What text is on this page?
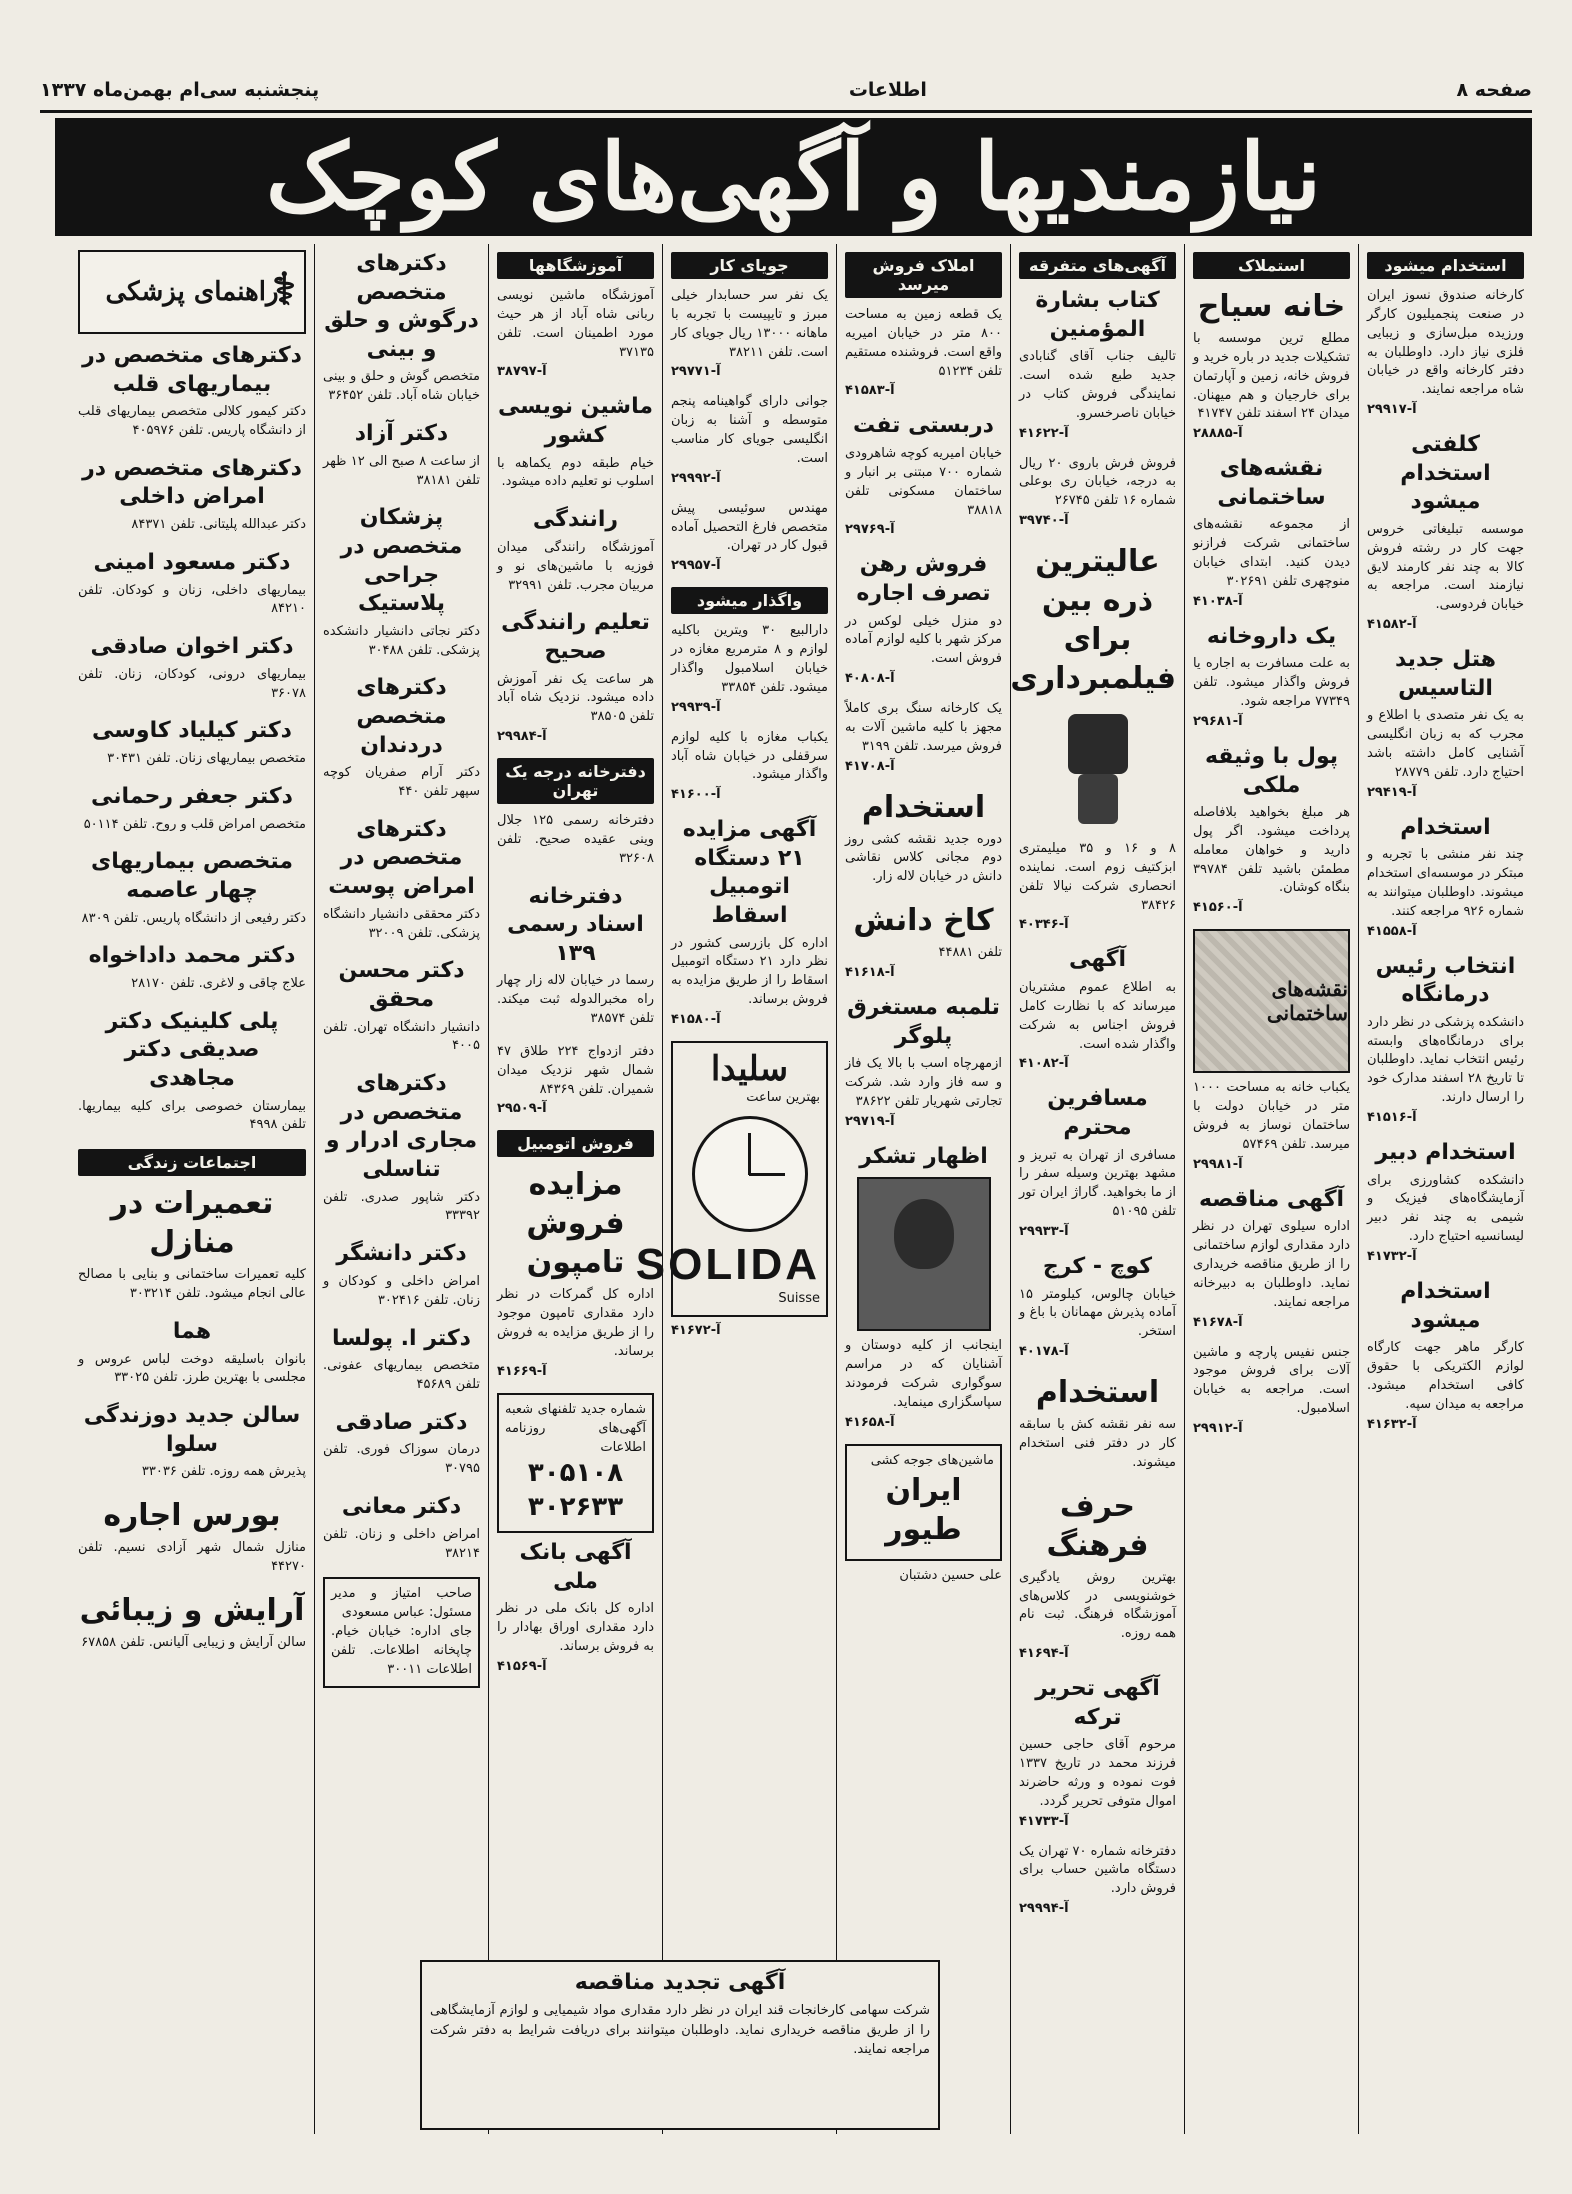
صفحه ۸
اطلاعات
پنجشنبه سی‌ام بهمن‌ماه ۱۳۳۷
نیازمندیها و آگهی‌های کوچک
استخدام میشود
کارخانه صندوق نسوز ایران در صنعت پنجمیلیون کارگر ورزیده مبل‌سازی و زیبایی فلزی نیاز دارد. داوطلبان به دفتر کارخانه واقع در خیابان شاه مراجعه نمایند.
آ-۲۹۹۱۷
کلفتی استخدام میشود
موسسه تبلیغاتی خروس جهت کار در رشته فروش کالا به چند نفر کارمند لایق نیازمند است. مراجعه به خیابان فردوسی.
آ-۴۱۵۸۲
هتل جدید التاسیس
به یک نفر متصدی با اطلاع و مجرب که به زبان انگلیسی آشنایی کامل داشته باشد احتیاج دارد. تلفن ۲۸۷۷۹
آ-۲۹۴۱۹
استخدام
چند نفر منشی با تجربه و مبتکر در موسسه‌ای استخدام میشوند. داوطلبان میتوانند به شماره ۹۲۶ مراجعه کنند.
آ-۴۱۵۵۸
انتخاب رئیس درمانگاه
دانشکده پزشکی در نظر دارد برای درمانگاه‌های وابسته رئیس انتخاب نماید. داوطلبان تا تاریخ ۲۸ اسفند مدارک خود را ارسال دارند.
آ-۴۱۵۱۶
استخدام دبیر
دانشکده کشاورزی برای آزمایشگاه‌های فیزیک و شیمی به چند نفر دبیر لیسانسیه احتیاج دارد.
آ-۴۱۷۳۲
استخدام میشود
کارگر ماهر جهت کارگاه لوازم الکتریکی با حقوق کافی استخدام میشود. مراجعه به میدان سپه.
آ-۴۱۶۳۲
استملاک
خانه سیاح
مطلع ترین موسسه با تشکیلات جدید در باره خرید و فروش خانه، زمین و آپارتمان برای خارجیان و هم میهنان. میدان ۲۴ اسفند تلفن ۴۱۷۴۷
آ-۲۸۸۸۵
نقشه‌های ساختمانی
از مجموعه نقشه‌های ساختمانی شرکت فرازنو دیدن کنید. ابتدای خیابان منوچهری تلفن ۳۰۲۶۹۱
آ-۴۱۰۳۸
یک داروخانه
به علت مسافرت به اجاره یا فروش واگذار میشود. تلفن ۷۷۳۴۹ مراجعه شود.
آ-۲۹۶۸۱
پول با وثیقه ملکی
هر مبلغ بخواهید بلافاصله پرداخت میشود. اگر پول دارید و خواهان معامله مطمئن باشید تلفن ۳۹۷۸۴ بنگاه کوشان.
آ-۴۱۵۶۰
نقشه‌های ساختمانی
یکباب خانه به مساحت ۱۰۰۰ متر در خیابان دولت با ساختمان نوساز به فروش میرسد. تلفن ۵۷۴۶۹
آ-۲۹۹۸۱
آگهی مناقصه
اداره سیلوی تهران در نظر دارد مقداری لوازم ساختمانی را از طریق مناقصه خریداری نماید. داوطلبان به دبیرخانه مراجعه نمایند.
آ-۴۱۶۷۸
جنس نفیس پارچه و ماشین آلات برای فروش موجود است. مراجعه به خیابان اسلامبول.
آ-۲۹۹۱۲
آگهی‌های متفرقه
کتاب بشارة المؤمنین
تالیف جناب آقای گنابادی جدید طبع شده است. نمایندگی فروش کتاب در خیابان ناصرخسرو.
آ-۴۱۶۲۲
فروش فرش باروی ۲۰ ریال به درجه، خیابان ری بوعلی شماره ۱۶ تلفن ۲۶۷۴۵
آ-۳۹۷۴۰
عالیترین ذره بین برای فیلمبرداری
۸ و ۱۶ و ۳۵ میلیمتری ابزکتیف زوم است. نماینده انحصاری شرکت نیالا تلفن ۳۸۴۲۶
آ-۴۰۳۴۶
آگهی
به اطلاع عموم مشتریان میرساند که با نظارت کامل فروش اجناس به شرکت واگذار شده است.
آ-۴۱۰۸۲
مسافرین محترم
مسافری از تهران به تبریز و مشهد بهترین وسیله سفر را از ما بخواهید. گاراژ ایران تور تلفن ۵۱۰۹۵
آ-۲۹۹۳۳
کوچ - کرج
خیابان چالوس، کیلومتر ۱۵ آماده پذیرش مهمانان با باغ و استخر.
آ-۴۰۱۷۸
استخدام
سه نفر نقشه کش با سابقه کار در دفتر فنی استخدام میشوند.
حرف فرهنگ
بهترین روش یادگیری خوشنویسی در کلاس‌های آموزشگاه فرهنگ. ثبت نام همه روزه.
آ-۴۱۶۹۴
آگهی تحریر ترکه
مرحوم آقای حاجی حسین فرزند محمد در تاریخ ۱۳۳۷ فوت نموده و ورثه حاضرند اموال متوفی تحریر گردد.
آ-۴۱۷۳۳
دفترخانه شماره ۷۰ تهران یک دستگاه ماشین حساب برای فروش دارد.
آ-۲۹۹۹۴
املاک فروش میرسد
یک قطعه زمین به مساحت ۸۰۰ متر در خیابان امیریه واقع است. فروشنده مستقیم تلفن ۵۱۲۳۴
آ-۴۱۵۸۳
دربستی تفت
خیابان امیریه کوچه شاهرودی شماره ۷۰۰ مبتنی بر انبار و ساختمان مسکونی تلفن ۳۸۸۱۸
آ-۲۹۷۶۹
فروش رهن تصرف اجاره
دو منزل خیلی لوکس در مرکز شهر با کلیه لوازم آماده فروش است.
آ-۴۰۸۰۸
یک کارخانه سنگ بری کاملاً مجهز با کلیه ماشین آلات به فروش میرسد. تلفن ۳۱۹۹
آ-۴۱۷۰۸
استخدام
دوره جدید نقشه کشی روز دوم مجانی کلاس نقاشی دانش در خیابان لاله زار.
کاخ دانش
تلفن ۴۴۸۸۱
آ-۴۱۶۱۸
تلمبه مستغرق پلوگر
ازمهرچاه اسب با بالا یک فاز و سه فاز وارد شد. شرکت تجارتی شهریار تلفن ۳۸۶۲۲
آ-۲۹۷۱۹
اظهار تشکر
اینجانب از کلیه دوستان و آشنایان که در مراسم سوگواری شرکت فرمودند سپاسگزاری مینماید.
آ-۴۱۶۵۸
ماشین‌های جوجه کشی
ایران طیور
علی حسین دشتبان
جویای کار
یک نفر سر حسابدار خیلی مبرز و تایپیست با تجربه با ماهانه ۱۳۰۰۰ ریال جویای کار است. تلفن ۳۸۲۱۱
آ-۲۹۷۷۱
جوانی دارای گواهینامه پنجم متوسطه و آشنا به زبان انگلیسی جویای کار مناسب است.
آ-۲۹۹۹۲
مهندس سوئیسی پیش متخصص فارغ التحصیل آماده قبول کار در تهران.
آ-۲۹۹۵۷
واگذار میشود
دارالبیع ۳۰ ویترین باکلیه لوازم و ۸ مترمربع مغازه در خیابان اسلامبول واگذار میشود. تلفن ۳۳۸۵۴
آ-۲۹۹۳۹
یکباب مغازه با کلیه لوازم سرقفلی در خیابان شاه آباد واگذار میشود.
آ-۴۱۶۰۰
آگهی مزایده ۲۱ دستگاه اتومبیل اسقاط
اداره کل بازرسی کشور در نظر دارد ۲۱ دستگاه اتومبیل اسقاط را از طریق مزایده به فروش برساند.
آ-۴۱۵۸۰
سلیدا
بهترین ساعت
SOLIDA
Suisse
آ-۴۱۶۷۲
آموزشگاهها
آموزشگاه ماشین نویسی ربانی شاه آباد از هر حیث مورد اطمینان است. تلفن ۳۷۱۳۵
آ-۳۸۷۹۷
ماشین نویسی کشور
خیام طبقه دوم یکماهه با اسلوب نو تعلیم داده میشود.
رانندگی
آموزشگاه رانندگی میدان فوزیه با ماشین‌های نو و مربیان مجرب. تلفن ۳۲۹۹۱
تعلیم رانندگی صحیح
هر ساعت یک نفر آموزش داده میشود. نزدیک شاه آباد تلفن ۳۸۵۰۵
آ-۲۹۹۸۴
دفترخانه درجه یک تهران
دفترخانه رسمی ۱۲۵ جلال وینی عقیده صحیح. تلفن ۳۲۶۰۸
دفترخانه اسناد رسمی ۱۳۹
رسما در خیابان لاله زار چهار راه مخبرالدوله ثبت میکند. تلفن ۳۸۵۷۴
دفتر ازدواج ۲۲۴ طلاق ۴۷ شمال شهر نزدیک میدان شمیران. تلفن ۸۴۳۶۹
آ-۲۹۵۰۹
فروش اتومبیل
مزایده فروش تامپون
اداره کل گمرکات در نظر دارد مقداری تامپون موجود را از طریق مزایده به فروش برساند.
آ-۴۱۶۶۹
شماره جدید تلفنهای شعبه آگهی‌های روزنامه اطلاعات
۳۰۵۱۰۸
۳۰۲۶۳۳
آگهی بانک ملی
اداره کل بانک ملی در نظر دارد مقداری اوراق بهادار را به فروش برساند.
آ-۴۱۵۶۹
دکترهای متخصص درگوش و حلق و بینی
متخصص گوش و حلق و بینی خیابان شاه آباد. تلفن ۳۶۴۵۲
دکتر آزاد
از ساعت ۸ صبح الی ۱۲ ظهر تلفن ۳۸۱۸۱
پزشکان متخصص در جراحی پلاستیک
دکتر نجاتی دانشیار دانشکده پزشکی. تلفن ۳۰۴۸۸
دکترهای متخصص دردندان
دکتر آرام صفریان کوچه سپهر تلفن ۴۴۰
دکترهای متخصص در امراض پوست
دکتر محققی دانشیار دانشگاه پزشکی. تلفن ۳۲۰۰۹
دکتر محسن محقق
دانشیار دانشگاه تهران. تلفن ۴۰۰۵
دکترهای متخصص در مجاری ادرار و تناسلی
دکتر شاپور صدری. تلفن ۳۳۳۹۲
دکتر دانشگر
امراض داخلی و کودکان و زنان. تلفن ۳۰۲۴۱۶
دکتر ا. پولسا
متخصص بیماریهای عفونی. تلفن ۴۵۶۸۹
دکتر صادقی
درمان سوزاک فوری. تلفن ۳۰۷۹۵
دکتر معانی
امراض داخلی و زنان. تلفن ۳۸۲۱۴
صاحب امتیاز و مدیر مسئول: عباس مسعودی
جای اداره: خیابان خیام. چاپخانه اطلاعات. تلفن اطلاعات ۳۰۰۱۱
⚕
راهنمای پزشکی
دکترهای متخصص در بیماریهای قلب
دکتر کیمور کلالی متخصص بیماریهای قلب از دانشگاه پاریس. تلفن ۴۰۵۹۷۶
دکترهای متخصص در امراض داخلی
دکتر عبدالله پلیتانی. تلفن ۸۴۳۷۱
دکتر مسعود امینی
بیماریهای داخلی، زنان و کودکان. تلفن ۸۴۲۱۰
دکتر اخوان صادقی
بیماریهای درونی، کودکان، زنان. تلفن ۳۶۰۷۸
دکتر کیلیاد کاوسی
متخصص بیماریهای زنان. تلفن ۳۰۴۳۱
دکتر جعفر رحمانی
متخصص امراض قلب و روح. تلفن ۵۰۱۱۴
متخصص بیماریهای چهار عاصمه
دکتر رفیعی از دانشگاه پاریس. تلفن ۸۳۰۹
دکتر محمد داداخواه
علاج چاقی و لاغری. تلفن ۲۸۱۷۰
پلی کلینیک دکتر صدیقی دکتر مجاهدی
بیمارستان خصوصی برای کلیه بیماریها. تلفن ۴۹۹۸
اجتماعات زندگی
تعمیرات در منازل
کلیه تعمیرات ساختمانی و بنایی با مصالح عالی انجام میشود. تلفن ۳۰۳۲۱۴
هما
بانوان باسلیقه دوخت لباس عروس و مجلسی با بهترین طرز. تلفن ۳۳۰۲۵
سالن جدید دوزندگی سلوا
پذیرش همه روزه. تلفن ۳۳۰۳۶
بورس اجاره
منازل شمال شهر آزادی نسیم. تلفن ۴۴۲۷۰
آرایش و زیبائی
سالن آرایش و زیبایی آلیانس. تلفن ۶۷۸۵۸
آگهی تجدید مناقصه
شرکت سهامی کارخانجات قند ایران در نظر دارد مقداری مواد شیمیایی و لوازم آزمایشگاهی را از طریق مناقصه خریداری نماید. داوطلبان میتوانند برای دریافت شرایط به دفتر شرکت مراجعه نمایند.
